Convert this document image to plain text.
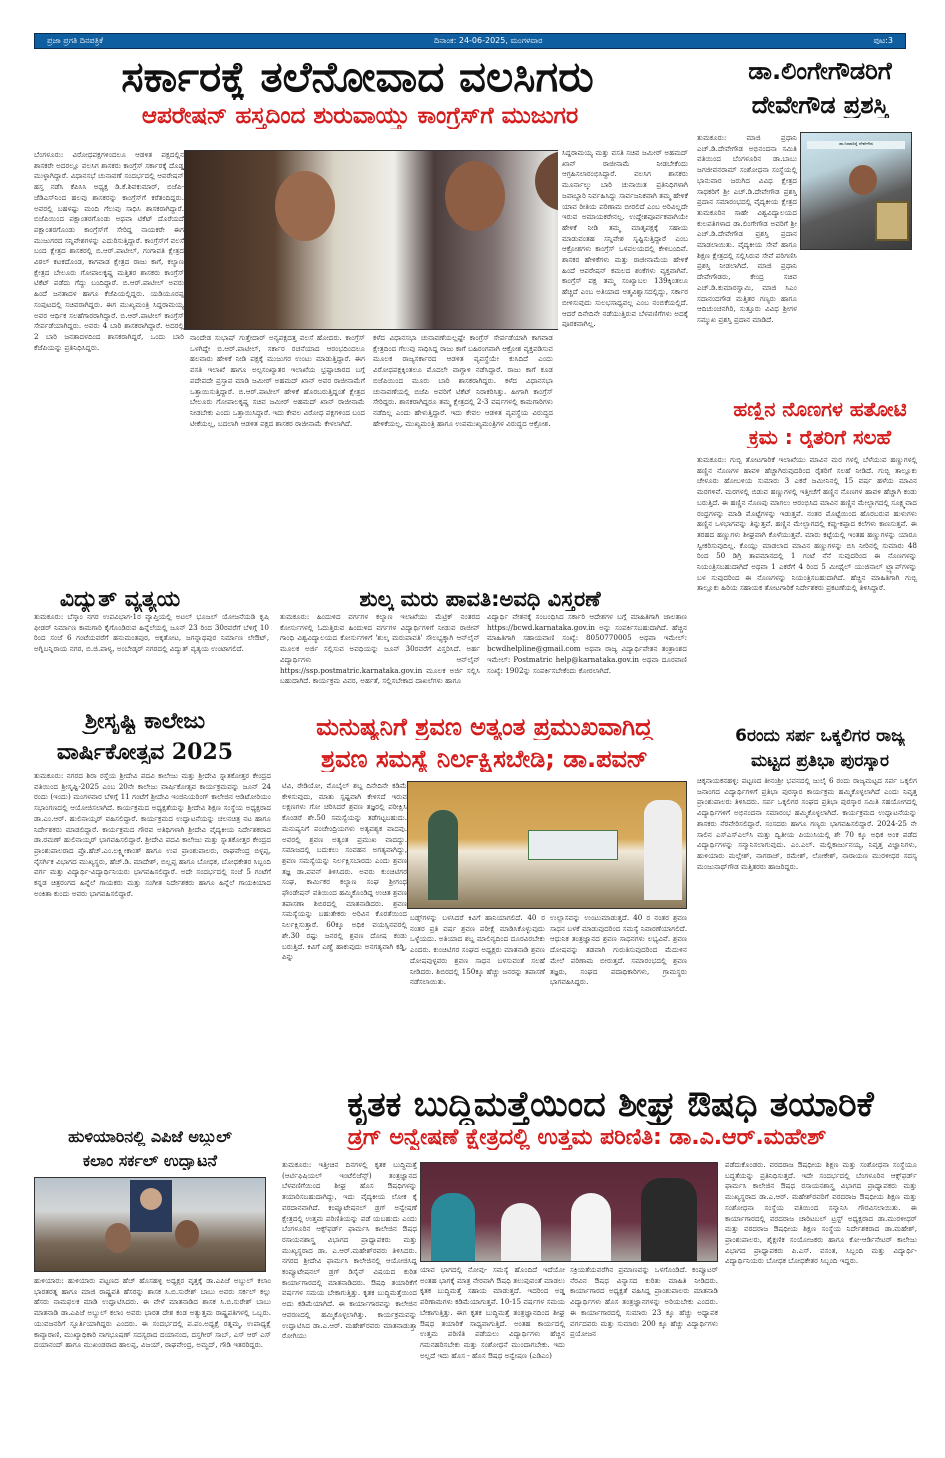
ಪ್ರಜಾ ಪ್ರಗತಿ ದಿನಪತ್ರಿಕೆ	ದಿನಾಂಕ: 24-06-2025, ಮಂಗಳವಾರ	ಪುಟ:3
ಸರ್ಕಾರಕ್ಕೆ ತಲೆನೋವಾದ ವಲಸಿಗರು
ಆಪರೇಷನ್ ಹಸ್ತದಿಂದ ಶುರುವಾಯ್ತು ಕಾಂಗ್ರೆಸ್‌ಗೆ ಮುಜುಗರ
ಬೆಂಗಳೂರು: ವಿರೋಧಪಕ್ಷಗಳಿಂದಲೂ ಆಡಳಿತ ಪಕ್ಷದಲ್ಲಿನ ಶಾಸಕರೇ ಅದರಲ್ಲೂ ವಲಸಿಗ ಶಾಸಕರು ಕಾಂಗ್ರೆಸ್ ಸರ್ಕಾರಕ್ಕೆ ದೊಡ್ಡ ಮುಳ್ಳಾಗಿದ್ದಾರೆ. ವಿಧಾನಸಭೆ ಚುನಾವಣೆ ಸಂದರ್ಭದಲ್ಲಿ ಆಪರೇಷನ್ ಹಸ್ತ ನಡೆಸಿ ಕೆಪಿಸಿಸಿ ಅಧ್ಯಕ್ಷ ಡಿ.ಕೆ.ಶಿವಕುಮಾರ್, ಬಿಜೆಪಿ-ಜೆಡಿಎಸ್‌ನಿಂದ ಹಲವು ಶಾಸಕರನ್ನು ಕಾಂಗ್ರೆಸ್‌ಗೆ ಕರೆತಂದಿದ್ದರು. ಅವರಲ್ಲಿ ಬಹಳಷ್ಟು ಮಂದಿ ಗೆಲುವು ಸಾಧಿಸಿ ಶಾಸಕರಾಗಿದ್ದಾರೆ. ಬಿಜೆಪಿಯಿಂದ ಪಕ್ಷಾಂತರಗೊಂಡು ಅಥವಾ ಟಿಕೆಟ್ ದೊರೆಯದೆ ಪಕ್ಷಾಂತರಗೊಂಡು ಕಾಂಗ್ರೆಸ್‌ಗೆ ಸೇರಿದ್ದ ನಾಯಕರೇ ಈಗ ಮುಜುಗರದ ಸನ್ನಿವೇಶಗಳನ್ನು ಎದುರಿಸುತ್ತಿದ್ದಾರೆ. ಕಾಂಗ್ರೆಸ್‌ಗೆ ವಲಸೆ ಬಂದ ಕ್ಷೇತ್ರದ ಶಾಸಕರಲ್ಲಿ ಬಿ.ಆರ್.ಪಾಟೀಲ್, ಗಂಗಾವತಿ ಕ್ಷೇತ್ರದ ವಿಠಲ್ ಕಟಕದೊಂಡ, ಕಾಗವಾಡ ಕ್ಷೇತ್ರದ ರಾಜು ಕಾಗೆ, ಕಲ್ಯಾಣ ಕ್ಷೇತ್ರದ ಬೇಲೂರು ಗೋಪಾಲಕೃಷ್ಣ ಮತ್ತಿತರ ಶಾಸಕರು ಕಾಂಗ್ರೆಸ್ ಟಿಕೆಟ್ ಪಡೆದು ಗೆದ್ದು ಬಂದಿದ್ದಾರೆ. ಬಿ.ಆರ್.ಪಾಟೀಲ್ ಅವರು ಹಿಂದೆ ಜನತಾದಳ ಹಾಗೂ ಕೆಜೆಪಿಯಲ್ಲಿದ್ದರು. ಯಡಿಯೂರಪ್ಪ ಸಂಪುಟದಲ್ಲಿ ಸಚಿವರಾಗಿದ್ದರು. ಈಗ ಮುಖ್ಯಮಂತ್ರಿ ಸಿದ್ದರಾಮಯ್ಯ ಅವರ ಆರ್ಥಿಕ ಸಲಹೆಗಾರರಾಗಿದ್ದಾರೆ. ಬಿ.ಆರ್.ಪಾಟೀಲ್ ಕಾಂಗ್ರೆಸ್ ಸೇರ್ಪಡೆಯಾಗಿದ್ದರು. ಅವರು 4 ಬಾರಿ ಶಾಸಕರಾಗಿದ್ದಾರೆ. ಅದರಲ್ಲಿ 2 ಬಾರಿ ಜನತಾದಳದಿಂದ ಶಾಸಕರಾಗಿದ್ದರೆ, ಒಂದು ಬಾರಿ ಕೆಜೆಪಿಯನ್ನು ಪ್ರತಿನಿಧಿಸಿದ್ದರು.
ಸಿದ್ದರಾಮಯ್ಯ ಮತ್ತು ವಸತಿ ಸಚಿವ ಜಮೀರ್ ಅಹಮದ್ ಖಾನ್ ರಾಜೀನಾಮೆ ನೀಡಬೇಕೆಂದು ಆಗ್ರಹಿಸಲಾರಂಭಿಸಿದ್ದಾರೆ. ವಲಸಿಗ ಶಾಸಕರು ಮೂರ್ನಾಲ್ಕು ಬಾರಿ ಚುನಾಯಿತ ಪ್ರತಿನಿಧಿಗಳಾಗಿ ಜವಾಬ್ದಾರಿ ನಿರ್ವಹಿಸಿದ್ದು ಸಾರ್ವಜನಿಕವಾಗಿ ತಮ್ಮ ಹೇಳಿಕೆ ಯಾವ ರೀತಿಯ ಪರಿಣಾಮ ಬೀರಲಿದೆ ಎಂಬ ಅರಿವಿಲ್ಲದೇ ಇರುವ ಅಮಾಯಕರೇನಲ್ಲ. ಉದ್ದೇಶಪೂರ್ವಕವಾಗಿಯೇ ಹೇಳಿಕೆ ನೀಡಿ ತಮ್ಮ ಮಾತೃಪಕ್ಷಕ್ಕೆ ಸಹಾಯ ಮಾಡುವಂತಹ ಸನ್ನಿವೇಶ ಸೃಷ್ಟಿಸುತ್ತಿದ್ದಾರೆ ಎಂಬ ಆಕ್ರೋಶಗಳು ಕಾಂಗ್ರೆಸ್ ಒಳವಲಯದಲ್ಲಿ ಕೇಳಿಬಂದಿವೆ. ಶಾಸಕರ ಹೇಳಿಕೆಗಳು ಮತ್ತು ರಾಜೀನಾಮೆಯ ಹೇಳಿಕೆ ಹಿಂದೆ ಆಪರೇಷನ್ ಕಮಲದ ಶಂಕೆಗಳು ವ್ಯಕ್ತವಾಗಿವೆ. ಕಾಂಗ್ರೆಸ್ ಪಕ್ಷ ತಮ್ಮ ಸಂಖ್ಯಾಬಲ 139ಕ್ಕಿಂತಲೂ ಹೆಚ್ಚಿದೆ ಎಂಬ ಅತಿಯಾದ ಆತ್ಮವಿಶ್ವಾಸದಲ್ಲಿದ್ದು, ಸರ್ಕಾರ ಬೀಳಿಸುವುದು ಸುಲಭಸಾಧ್ಯವಲ್ಲ ಎಂಬ ನಂಬಿಕೆಯಲ್ಲಿದೆ. ಆದರೆ ದಿನೇದಿನೇ ನಡೆಯುತ್ತಿರುವ ಬೆಳವಣಿಗೆಗಳು ಅದಕ್ಕೆ ಪೂರಕವಾಗಿಲ್ಲ.
ನಾಂದೇಡ ಸುಭಾಷ್ ಗುತ್ತೇದಾರ್ ಅನ್ಯಪಕ್ಷದತ್ತ ವಲಸೆ ಹೋದರು. ಕಾಂಗ್ರೆಸ್ ಒಳಗಿದ್ದೇ ಬಿ.ಆರ್.ಪಾಟೀಲ್, ಸರ್ಕಾರ ರಚನೆಯಾದ ಆರಂಭದಿಂದಲೂ ಹಲವಾರು ಹೇಳಿಕೆ ನೀಡಿ ಪಕ್ಷಕ್ಕೆ ಮುಜುಗರ ಉಂಟು ಮಾಡುತ್ತಿದ್ದಾರೆ. ಈಗ ವಸತಿ ಇಲಾಖೆ ಹಾಗೂ ಅಲ್ಪಸಂಖ್ಯಾತರ ಇಲಾಖೆಯ ಭ್ರಷ್ಟಾಚಾರದ ಬಗ್ಗೆ ಪದೇಪದೇ ಪ್ರಸ್ತಾಪ ಮಾಡಿ ಜಮೀರ್ ಅಹಮದ್ ಖಾನ್ ಅವರ ರಾಜೀನಾಮೆಗೆ ಒತ್ತಾಯಿಸುತ್ತಿದ್ದಾರೆ. ಬಿ.ಆರ್.ಪಾಟೀಲ್ ಹೇಳಿಕೆ ಹೊರಬರುತ್ತಿದ್ದಂತೆ ಕ್ಷೇತ್ರದ ಬೇಲೂರು ಗೋಪಾಲಕೃಷ್ಣ ಸಚಿವ ಜಮೀರ್ ಅಹಮದ್ ಖಾನ್ ರಾಜೀನಾಮೆ ನೀಡಬೇಕು ಎಂದು ಒತ್ತಾಯಿಸಿದ್ದಾರೆ. ಇದು ಕೇವಲ ವಿರೋಧ ಪಕ್ಷಗಳಿಂದ ಬಂದ ಟೀಕೆಯಲ್ಲ, ಬದಲಾಗಿ ಆಡಳಿತ ಪಕ್ಷದ ಶಾಸಕರ ರಾಜೀನಾಮೆ ಕೇಳಲಾಗಿದೆ.
ಕಳೆದ ವಿಧಾನಸಭಾ ಚುನಾವಣೆಯಲ್ಲಷ್ಟೇ ಕಾಂಗ್ರೆಸ್ ಸೇರ್ಪಡೆಯಾಗಿ ಕಾಗವಾಡ ಕ್ಷೇತ್ರದಿಂದ ಗೆಲುವು ಸಾಧಿಸಿದ್ದ ರಾಜು ಕಾಗೆ ಬಹಿರಂಗವಾಗಿ ಆಕ್ರೋಶ ವ್ಯಕ್ತಪಡಿಸುವ ಮೂಲಕ ರಾಜ್ಯಸರ್ಕಾರದ ಆಡಳಿತ ವ್ಯವಸ್ಥೆಯೇ ಕುಸಿದಿದೆ ಎಂದು ವಿರೋಧಪಕ್ಷಕ್ಕಿಂತಲೂ ಮೊದಲೇ ವಾಗ್ದಾಳಿ ನಡೆಸಿದ್ದಾರೆ. ರಾಜು ಕಾಗೆ ಕೂಡ ಬಿಜೆಪಿಯಿಂದ ಮೂರು ಬಾರಿ ಶಾಸಕರಾಗಿದ್ದರು. ಕಳೆದ ವಿಧಾನಸಭಾ ಚುನಾವಣೆಯಲ್ಲಿ ಬಿಜೆಪಿ ಅವರಿಗೆ ಟಿಕೆಟ್ ನಿರಾಕರಿಸಿತ್ತು. ಹೀಗಾಗಿ ಕಾಂಗ್ರೆಸ್ ಸೇರಿದ್ದರು. ಶಾಸಕರಾಗಿದ್ದರೂ ತಮ್ಮ ಕ್ಷೇತ್ರದಲ್ಲಿ 2-3 ವರ್ಷಗಳಲ್ಲಿ ಕಾಮಗಾರಿಗಳು ನಡೆದಿಲ್ಲ ಎಂದು ಹೇಳುತ್ತಿದ್ದಾರೆ. ಇದು ಕೇವಲ ಆಡಳಿತ ವ್ಯವಸ್ಥೆಯ ವಿರುದ್ಧದ ಹೇಳಿಕೆಯಲ್ಲ, ಮುಖ್ಯಮಂತ್ರಿ ಹಾಗೂ ಉಪಮುಖ್ಯಮಂತ್ರಿಗಳ ವಿರುದ್ಧದ ಆಕ್ರೋಶ.
ಡಾ.ಲಿಂಗೇಗೌಡರಿಗೆ
ದೇವೇಗೌಡ ಪ್ರಶಸ್ತಿ
ತುಮಕೂರು: ಮಾಜಿ ಪ್ರಧಾನಿ ಎಚ್.ಡಿ.ದೇವೇಗೌಡ ಅಭಿನಂದನಾ ಸಮಿತಿ ವತಿಯಿಂದ ಬೆಂಗಳೂರಿನ ಡಾ.ಬಾಬು ಜಗಜೀವನರಾಮ್ ಸಂಶೋಧನಾ ಸಂಸ್ಥೆಯಲ್ಲಿ ಭಾನುವಾರ ಜರುಗಿದ ವಿವಿಧ ಕ್ಷೇತ್ರದ ಸಾಧಕರಿಗೆ ಶ್ರೀ ಎಚ್.ಡಿ.ದೇವೇಗೌಡ ಪ್ರಶಸ್ತಿ ಪ್ರದಾನ ಸಮಾರಂಭದಲ್ಲಿ ವೈದ್ಯಕೀಯ ಕ್ಷೇತ್ರದ ತುಮಕೂರಿನ ಸಾಹೇ ವಿಶ್ವವಿದ್ಯಾಲಯದ ಕುಲಪತಿಗಳಾದ ಡಾ.ಲಿಂಗೇಗೌಡ ಅವರಿಗೆ ಶ್ರೀ ಎಚ್.ಡಿ.ದೇವೇಗೌಡ ಪ್ರಶಸ್ತಿ ಪ್ರದಾನ ಮಾಡಲಾಯಿತು. ವೈದ್ಯಕೀಯ ಸೇವೆ ಹಾಗೂ ಶಿಕ್ಷಣ ಕ್ಷೇತ್ರದಲ್ಲಿ ಸಲ್ಲಿಸಿರುವ ಸೇವೆ ಪರಿಗಣಿಸಿ ಪ್ರಶಸ್ತಿ ನೀಡಲಾಗಿದೆ. ಮಾಜಿ ಪ್ರಧಾನಿ ದೇವೇಗೌಡರು, ಕೇಂದ್ರ ಸಚಿವ ಎಚ್.ಡಿ.ಕುಮಾರಸ್ವಾಮಿ, ಮಾಜಿ ಸಿಎಂ ಸದಾನಂದಗೌಡ ಮತ್ತಿತರ ಗಣ್ಯರು ಹಾಗೂ ಆದಿಚುಂಚನಗಿರಿ, ಸುತ್ತೂರು ವಿವಿಧ ಶ್ರೀಗಳ ಸಮ್ಮುಖ ಪ್ರಶಸ್ತಿ ಪ್ರದಾನ ಮಾಡಿದೆ.
ಡಾ.ನಿರಾವರಿಸ್ನೆ ದೇವೇಗೌಡ
ಹಣ್ಣಿನ ನೊಣಗಳ ಹತೋಟಿ
ಕ್ರಮ : ರೈತರಿಗೆ ಸಲಹೆ
ತುಮಕೂರು: ಗುಬ್ಬಿ ತೋಟಗಾರಿಕೆ ಇಲಾಖೆಯು ಮಾವಿನ ಮರ ಗಳಲ್ಲಿ ಬೆಳೆಯುವ ಹಣ್ಣುಗಳಲ್ಲಿ ಹಣ್ಣಿನ ನೊಣಗಳ ಹಾವಳಿ ಹೆಚ್ಚಾಗಿರುವುದರಿಂದ ರೈತರಿಗೆ ಸಲಹೆ ನೀಡಿದೆ. ಗುಬ್ಬಿ ತಾಲ್ಲೂಕು ಚೇಳೂರು ಹೋಬಳಿಯ ಸುಮಾರು 3 ಎಕರೆ ಜಮೀನಿನಲ್ಲಿ 15 ವರ್ಷ ಹಳೆಯ ಮಾವಿನ ಮರಗಳಿವೆ. ಮರಗಳಲ್ಲಿ ಬಿಡುವ ಹಣ್ಣುಗಳಲ್ಲಿ ಇತ್ತೀಚೆಗೆ ಹಣ್ಣಿನ ನೊಣಗಳ ಹಾವಳಿ ಹೆಚ್ಚಾಗಿ ಕಂಡು ಬರುತ್ತಿದೆ. ಈ ಹಣ್ಣಿನ ನೊಣವು ಮಾಗಲು ಆರಂಭಿಸಿದ ಮಾವಿನ ಹಣ್ಣಿನ ಮೇಲ್ಭಾಗದಲ್ಲಿ ಸೂಕ್ಷ್ಮವಾದ ರಂಧ್ರಗಳನ್ನು ಮಾಡಿ ಮೊಟ್ಟೆಗಳನ್ನು ಇಡುತ್ತವೆ. ನಂತರ ಮೊಟ್ಟೆಯಿಂದ ಹೊರಬರುವ ಹುಳುಗಳು ಹಣ್ಣಿನ ಒಳಭಾಗವನ್ನು ತಿನ್ನುತ್ತವೆ. ಹಣ್ಣಿನ ಮೇಲ್ಭಾಗದಲ್ಲಿ ಕಪ್ಪು-ಕಪ್ಪಾದ ಕಲೆಗಳು ಕಾಣಸುತ್ತವೆ. ಈ ತರಹದ ಹಣ್ಣುಗಳು ಶೀಘ್ರವಾಗಿ ಕೊಳೆಯುತ್ತವೆ. ಮಾರು ಕಟ್ಟೆಯಲ್ಲಿ ಇಂತಹ ಹಣ್ಣುಗಳನ್ನು ಯಾರೂ ಸ್ವೀಕರಿಸುವುದಿಲ್ಲ. ಕೊಯ್ಲು ಮಾಡಲಾದ ಮಾವಿನ ಹಣ್ಣುಗಳನ್ನು ಬಿಸಿ ನೀರಿನಲ್ಲಿ ಸುಮಾರು 48 ರಿಂದ 50 ಡಿಗ್ರಿ ತಾಪಮಾನದಲ್ಲಿ 1 ಗಂಟೆ ನೆನೆ ಸುವುದರಿಂದ ಈ ನೊಣಗಳನ್ನು ನಿಯಂತ್ರಿಸಬಹುದಾಗಿದೆ ಅಥವಾ 1 ಎಕರೆಗೆ 4 ರಿಂದ 5 ಮೀಥೈಲ್ ಯುಜಿನಾಲ್ ಟ್ರ್ಯಾಪ್‌ಗಳನ್ನು ಬಳ ಸುವುದರಿಂದ ಈ ನೊಣಗಳನ್ನು ನಿಯಂತ್ರಿಸಬಹುದಾಗಿದೆ. ಹೆಚ್ಚಿನ ಮಾಹಿತಿಗಾಗಿ ಗುಬ್ಬಿ ತಾಲ್ಲೂಕು ಹಿರಿಯ ಸಹಾಯಕ ತೋಟಗಾರಿಕೆ ನಿರ್ದೇಶಕರು ಪ್ರಕಟಣೆಯಲ್ಲಿ ತಿಳಿಸಿದ್ದಾರೆ.
ವಿದ್ಯುತ್ ವ್ಯತ್ಯಯ
ತುಮಕೂರು: ಬೆಸ್ಕಾಂ ನಗರ ಉಪವಿಭಾಗ-1ರ ವ್ಯಾಪ್ತಿಯಲ್ಲಿ ಅಟಲ್ ಭೂಜಲ್ ಯೋಜನೆಯಡಿ ಕೃಷಿ ಫೀಡರ್ ನಿರ್ಮಾಣ ಕಾಮಗಾರಿ ಕೈಗೊಂಡಿರುವ ಹಿನ್ನೆಲೆಯಲ್ಲಿ ಜೂನ್ 23 ರಿಂದ 30ರವರೆಗೆ ಬೆಳಿಗ್ಗೆ 10 ರಿಂದ ಸಂಜೆ 6 ಗಂಟೆಯವರೆಗೆ ಹನುಮಂತಪುರ, ಅಕ್ಕತೋಟ, ಜಗನ್ನಾಥಪುರ ನಿರ್ಮಾಣ ಲೇಔಟ್, ಅಗ್ನಿಬನ್ನಿರಾಯ ನಗರ, ಬಿ.ಜಿ.ಪಾಳ್ಯ, ಅಂಬೇಡ್ಕರ್ ನಗರದಲ್ಲಿ ವಿದ್ಯುತ್ ವ್ಯತ್ಯಯ ಉಂಟಾಗಲಿದೆ.
ಶುಲ್ಕ ಮರು ಪಾವತಿ:ಅವಧಿ ವಿಸ್ತರಣೆ
ತುಮಕೂರು: ಹಿಂದುಳಿದ ವರ್ಗಗಳ ಕಲ್ಯಾಣ ಇಲಾಖೆಯು ಮೆಟ್ರಿಕ್ ನಂತರದ ಕೋರ್ಸುಗಳಲ್ಲಿ ಓದುತ್ತಿರುವ ಹಿಂದುಳಿದ ವರ್ಗಗಳ ವಿದ್ಯಾರ್ಥಿಗಳಿಗೆ ನೀಡುವ ರಾಜೀವ್ ಗಾಂಧಿ ವಿಶ್ವವಿದ್ಯಾಲಯದ ಕೋರ್ಸುಗಳಿಗೆ 'ಶುಲ್ಕ ಮರುಪಾವತಿ' ಸೌಲಭ್ಯಕ್ಕಾಗಿ ಆನ್‌ಲೈನ್ ಮೂಲಕ ಅರ್ಜಿ ಸಲ್ಲಿಸುವ ಅವಧಿಯನ್ನು ಜೂನ್ 30ರವರೆಗೆ ವಿಸ್ತರಿಸಿದೆ. ಅರ್ಹ ವಿದ್ಯಾರ್ಥಿಗಳು ಆನ್‌ಲೈನ್ https://ssp.postmatric.karnataka.gov.in ಮೂಲಕ ಅರ್ಜಿ ಸಲ್ಲಿಸಿ ಬಹುದಾಗಿದೆ. ಕಾರ್ಯಕ್ರಮ ವಿವರ, ಅರ್ಹತೆ, ಸಲ್ಲಿಸಬೇಕಾದ ದಾಖಲೆಗಳು ಹಾಗೂ
ವಿದ್ಯಾರ್ಥಿ ವೇತನಕ್ಕೆ ಸಂಬಂಧಿಸಿದ ಸರ್ಕಾರಿ ಆದೇಶಗಳ ಬಗ್ಗೆ ಮಾಹಿತಿಗಾಗಿ ಜಾಲತಾಣ https://bcwd.karnataka.gov.in ಅನ್ನು ಸಂಪರ್ಕಿಸಬಹುದಾಗಿದೆ. ಹೆಚ್ಚಿನ ಮಾಹಿತಿಗಾಗಿ ಸಹಾಯವಾಣಿ ಸಂಖ್ಯೆ: 8050770005 ಅಥವಾ ಇಮೇಲ್: bcwdhelpline@gmail.com ಅಥವಾ ರಾಜ್ಯ ವಿದ್ಯಾರ್ಥಿವೇತನ ತಂತ್ರಾಂಶದ ಇಮೇಲ್: Postmatric help@karnataka.gov.in ಅಥವಾ ದೂರವಾಣಿ ಸಂಖ್ಯೆ: 1902ನ್ನು ಸಂಪರ್ಕಿಸಬೇಕೆಂದು ಕೋರಲಾಗಿದೆ.
ಶ್ರೀಸೃಷ್ಟಿ ಕಾಲೇಜು
ವಾರ್ಷಿಕೋತ್ಸವ 2025
ತುಮಕೂರು: ನಗರದ ಶಿರಾ ರಸ್ತೆಯ ಶ್ರೀದೇವಿ ಪದವಿ ಕಾಲೇಜು ಮತ್ತು ಶ್ರೀದೇವಿ ಸ್ನಾತಕೋತ್ತರ ಕೇಂದ್ರದ ವತಿಯಿಂದ ಶ್ರೀಸೃಷ್ಟಿ-2025 ಎಂಬ 20ನೇ ಕಾಲೇಜು ವಾರ್ಷಿಕೋತ್ಸವ ಕಾರ್ಯಕ್ರಮವನ್ನು ಜೂನ್ 24 ರಂದು (ಇಂದು) ಮಂಗಳವಾರ ಬೆಳಿಗ್ಗೆ 11 ಗಂಟೆಗೆ ಶ್ರೀದೇವಿ ಇಂಜಿನಿಯರಿಂಗ್ ಕಾಲೇಜಿನ ಆಡಿಟೋರಿಯಂ ಸಭಾಂಗಣದಲ್ಲಿ ಆಯೋಜಿಸಲಾಗಿದೆ. ಕಾರ್ಯಕ್ರಮದ ಅಧ್ಯಕ್ಷತೆಯನ್ನು ಶ್ರೀದೇವಿ ಶಿಕ್ಷಣ ಸಂಸ್ಥೆಯ ಅಧ್ಯಕ್ಷರಾದ ಡಾ.ಎಂ.ಆರ್. ಹುಲಿನಾಯ್ಕರ್ ವಹಿಸಲಿದ್ದಾರೆ. ಕಾರ್ಯಕ್ರಮದ ಉದ್ಘಾಟನೆಯನ್ನು ಚಲನಚಿತ್ರ ನಟ ಹಾಗೂ ನಿರ್ದೇಶಕರು ಮಾಡಲಿದ್ದಾರೆ. ಕಾರ್ಯಕ್ರಮದ ಗೌರವ ಅತಿಥಿಗಳಾಗಿ ಶ್ರೀದೇವಿ ವೈದ್ಯಕೀಯ ನಿರ್ದೇಶಕರಾದ ಡಾ.ರಮಣ್ ಹುಲಿನಾಯ್ಕರ್ ಭಾಗವಹಿಸಲಿದ್ದಾರೆ. ಶ್ರೀದೇವಿ ಪದವಿ ಕಾಲೇಜು ಮತ್ತು ಸ್ನಾತಕೋತ್ತರ ಕೇಂದ್ರದ ಪ್ರಾಂಶುಪಾಲರಾದ ಪ್ರೊ.ಹೆಚ್.ಎಂ.ಲಕ್ಷ್ಮೀಕಾಂತ್ ಹಾಗೂ ಉಪ ಪ್ರಾಂಶುಪಾಲರು, ರಾಘವೇಂದ್ರ ಬಿಳ್ಳಪ್ಪ, ನೈಸರ್ಗಿಕ ವಿಭಾಗದ ಮುಖ್ಯಸ್ಥರು, ಹೆಚ್.ಡಿ. ಮಾದೇಶ್, ಬಿಲ್ಲಪ್ಪ ಹಾಗೂ ಬೋಧಕ, ಬೋಧಕೇತರ ಸಿಬ್ಬಂದಿ ವರ್ಗ ಮತ್ತು ವಿದ್ಯಾರ್ಥಿ-ವಿದ್ಯಾರ್ಥಿನಿಯರು ಭಾಗವಹಿಸಲಿದ್ದಾರೆ. ಅದೇ ಸಂದರ್ಭದಲ್ಲಿ ಸಂಜೆ 5 ಗಂಟೆಗೆ ಕನ್ನಡ ಚಿತ್ರರಂಗದ ಹಿನ್ನೆಲೆ ಗಾಯಕರು ಮತ್ತು ಸಂಗೀತ ನಿರ್ದೇಶಕರು ಹಾಗೂ ಹಿನ್ನೆಲೆ ಗಾಯಕಿಯಾದ ಅಂಕಿತಾ ಕುಂದು ಅವರು ಭಾಗವಹಿಸಲಿದ್ದಾರೆ.
ಮನುಷ್ಯನಿಗೆ ಶ್ರವಣ ಅತ್ಯಂತ ಪ್ರಮುಖವಾಗಿದ್ದ
ಶ್ರವಣ ಸಮಸ್ಯೆ ನಿರ್ಲಕ್ಷಿಸಬೇಡಿ; ಡಾ.ಪವನ್
ಟಿವಿ, ರೇಡಿಯೋ, ಮೊಬೈಲ್ ಶಬ್ದ ದಿನೇದಿನೇ ಕಡಿಮೆ ಕೇಳಿಸುವುದು, ಮಾತು ಸ್ಪಷ್ಟವಾಗಿ ಕೇಳಿಸದೆ ಇರುವ ಲಕ್ಷಣಗಳು ಗೋ ಚರಿಸಿದರೆ ಶ್ರವಣ ತಜ್ಞರಲ್ಲಿ ಪರೀಕ್ಷಿಸಿ ಕೊಂಡರೆ ಶೇ.50 ಸಮಸ್ಯೆಯನ್ನು ತಡೆಗಟ್ಟಬಹುದು. ಮನುಷ್ಯನಿಗೆ ಪಂಚೇಂದ್ರಿಯಗಳು ಅತ್ಯವಶ್ಯಕ ವಾದವು. ಅವರಲ್ಲಿ ಶ್ರವಣ ಅತ್ಯಂತ ಪ್ರಮುಖ ವಾದದ್ದು. ಸಮಾಜದಲ್ಲಿ ಬದುಕಲು ಸಂವಹನ ಅಗತ್ಯವಾಗಿದ್ದು, ಶ್ರವಣ ಸಮಸ್ಯೆಯನ್ನು ನಿರ್ಲಕ್ಷಿಸಬಾರದು ಎಂದು ಶ್ರವಣ ತಜ್ಞ ಡಾ.ಪವನ್ ತಿಳಿಸಿದರು. ಅವರು ಕುಂಚಿಟಿಗರ ಸಂಘ, ಕಾರ್ಮಿಕರ ಕಲ್ಯಾಣ ಸಂಘ ಶ್ರೀಗಂಧ ಫೌಂಡೇಷನ್ ವತಿಯಿಂದ ಹಮ್ಮಿಕೊಂಡಿದ್ದ ಉಚಿತ ಶ್ರವಣ ತಪಾಸಣಾ ಶಿಬಿರದಲ್ಲಿ ಮಾತನಾಡಿದರು. ಶ್ರವಣ ಸಮಸ್ಯೆಯನ್ನು ಬಹುತೇಕರು ಅರಿವಿನ ಕೊರತೆಯಿಂದ ನಿರ್ಲಕ್ಷಿಸುತ್ತಾರೆ. 60ಕ್ಕೂ ಅಧಿಕ ವಯಸ್ಸಿನವರಲ್ಲಿ ಶೇ.30 ರಷ್ಟು ಜನರಲ್ಲಿ ಶ್ರವಣ ದೋಷ ಕಂಡು ಬರುತ್ತಿದೆ. ಕಿವಿಗೆ ಎಣ್ಣೆ ಹಾಕುವುದು ಅನಗತ್ಯವಾಗಿ ಕಡ್ಡಿ, ಪಿನ್ನು
ಬಡ್ಸ್‌ಗಳನ್ನು ಬಳಸಿದರೆ ಕಿವಿಗೆ ಹಾನಿಯಾಗಲಿದೆ. 40 ರ ನಂತರ ಪ್ರತಿ ವರ್ಷ ಶ್ರವಣ ಪರೀಕ್ಷೆ ಮಾಡಿಸಿಕೊಳ್ಳುವುದು ಒಳ್ಳೆಯದು. ಅತಿಯಾದ ಶಬ್ದ ಮಾಲಿನ್ಯದಿಂದ ದೂರವಿರಬೇಕು ಎಂದರು. ಕುಂಚಿಟಿಗರ ಸಂಘದ ಅಧ್ಯಕ್ಷರು ಮಾತನಾಡಿ ಶ್ರವಣ ದೋಷವುಳ್ಳವರು ಶ್ರವಣ ಸಾಧನ ಬಳಸುವಂತೆ ಸಲಹೆ ನೀಡಿದರು. ಶಿಬಿರದಲ್ಲಿ 150ಕ್ಕೂ ಹೆಚ್ಚು ಜನರನ್ನು ತಪಾಸಣೆ ನಡೆಸಲಾಯಿತು.
ಉಲ್ಲಾಸವನ್ನು ಉಂಟುಮಾಡುತ್ತದೆ. 40 ರ ನಂತರ ಶ್ರವಣ ಸಾಧನ ಬಳಕೆ ಮಾಡುವುದರಿಂದ ಸಮಸ್ಯೆ ನಿವಾರಣೆಯಾಗಲಿದೆ. ಆಧುನಿಕ ತಂತ್ರಜ್ಞಾನದ ಶ್ರವಣ ಸಾಧನಗಳು ಲಭ್ಯವಿವೆ. ಶ್ರವಣ ದೋಷವನ್ನು ತಡವಾಗಿ ಗುರುತಿಸುವುದರಿಂದ ಮೆದುಳಿನ ಮೇಲೆ ಪರಿಣಾಮ ಬೀರುತ್ತದೆ. ಸಮಾರಂಭದಲ್ಲಿ ಶ್ರವಣ ತಜ್ಞರು, ಸಂಘದ ಪದಾಧಿಕಾರಿಗಳು, ಗ್ರಾಮಸ್ಥರು ಭಾಗವಹಿಸಿದ್ದರು.
6ರಂದು ಸರ್ಪ ಒಕ್ಕಲಿಗರ ರಾಜ್ಯ
ಮಟ್ಟದ ಪ್ರತಿಭಾ ಪುರಸ್ಕಾರ
ಚಿಕ್ಕನಾಯಕನಹಳ್ಳಿ: ಪಟ್ಟಣದ ತೀನಂಶ್ರೀ ಭವನದಲ್ಲಿ ಜುಲೈ 6 ರಂದು ರಾಜ್ಯಮಟ್ಟದ ಸರ್ಪ ಒಕ್ಕಲಿಗ ಜನಾಂಗದ ವಿದ್ಯಾರ್ಥಿಗಳಿಗೆ ಪ್ರತಿಭಾ ಪುರಸ್ಕಾರ ಕಾರ್ಯಕ್ರಮ ಹಮ್ಮಿಕೊಳ್ಳಲಾಗಿದೆ ಎಂದು ನಿವೃತ್ತ ಪ್ರಾಂಶುಪಾಲರು ತಿಳಿಸಿದರು. ಸರ್ಪ ಒಕ್ಕಲಿಗರ ಸಂಘದ ಪ್ರತಿಭಾ ಪುರಸ್ಕಾರ ಸಮಿತಿ ಸಹಯೋಗದಲ್ಲಿ ವಿದ್ಯಾರ್ಥಿಗಳಿಗೆ ಅಭಿನಂದನಾ ಸಮಾರಂಭ ಹಮ್ಮಿಕೊಳ್ಳಲಾಗಿದೆ. ಕಾರ್ಯಕ್ರಮದ ಉದ್ಘಾಟನೆಯನ್ನು ಶಾಸಕರು ನೆರವೇರಿಸಲಿದ್ದಾರೆ. ಸಂಸದರು ಹಾಗೂ ಗಣ್ಯರು ಭಾಗವಹಿಸಲಿದ್ದಾರೆ. 2024-25 ನೇ ಸಾಲಿನ ಎಸ್‌ಎಸ್‌ಎಲ್‌ಸಿ ಮತ್ತು ದ್ವಿತೀಯ ಪಿಯುಸಿಯಲ್ಲಿ ಶೇ 70 ಕ್ಕೂ ಅಧಿಕ ಅಂಕ ಪಡೆದ ವಿದ್ಯಾರ್ಥಿಗಳನ್ನು ಸನ್ಮಾನಿಸಲಾಗುವುದು. ಎಂ.ಎಲ್. ಮಲ್ಲಿಕಾರ್ಜುನಯ್ಯ, ನಿವೃತ್ತ ವಿಜ್ಞಾನಿಗಳು, ಹುಳಿಯಾರು ಮಲ್ಲೇಶ್, ನಾಗರಾಜ್, ರಮೇಶ್, ಲೋಕೇಶ್, ನಾರಾಯಣ ಮುರಳೀಧರ ಸದಸ್ಯ ಮಂಜುನಾಥ್‌ಗೌಡ ಮತ್ತಿತರರು ಹಾಜರಿದ್ದರು.
ಹುಳಿಯಾರಿನಲ್ಲಿ ಎಪಿಜೆ ಅಬ್ದುಲ್
ಕಲಾಂ ಸರ್ಕಲ್ ಉದ್ಘಾಟನೆ
ಹುಳಿಯಾರು: ಹುಳಿಯಾರು ಪಟ್ಟಣದ ಹೆಚ್ ಹೊಸಹಳ್ಳಿ ಅಧ್ಯಕ್ಷರ ವೃತ್ತಕ್ಕೆ ಡಾ.ಎಪಿಜೆ ಅಬ್ದುಲ್ ಕಲಾಂ ಭಾರತರತ್ನ ಹಾಗೂ ಮಾಜಿ ರಾಷ್ಟ್ರಪತಿ ಹೆಸರನ್ನು ಶಾಸಕ ಸಿ.ಬಿ.ಸುರೇಶ್ ಬಾಬು ಅವರು ಸರ್ಕಲ್ ಕಲ್ಲು ಹೆಸರು ನಾಮಫಲಕ ಮಾಡಿ ಉದ್ಘಾಟಿಸಿದರು. ಈ ವೇಳೆ ಮಾತನಾಡಿದ ಶಾಸಕ ಸಿ.ಬಿ.ಸುರೇಶ್ ಬಾಬು ಮಾತನಾಡಿ ಡಾ.ಎಪಿಜೆ ಅಬ್ದುಲ್ ಕಲಾಂ ಅವರು ಭಾರತ ದೇಶ ಕಂಡ ಅತ್ಯುತ್ತಮ ರಾಷ್ಟ್ರಪತಿಗಳಲ್ಲಿ ಒಬ್ಬರು. ಯುವಜನರಿಗೆ ಸ್ಫೂರ್ತಿಯಾಗಿದ್ದರು ಎಂದರು. ಈ ಸಂದರ್ಭದಲ್ಲಿ ಪ.ಪಂ.ಅಧ್ಯಕ್ಷೆ ರತ್ನಮ್ಮ, ಉಪಾಧ್ಯಕ್ಷೆ ಕಾವ್ಯಾರಾಣಿ, ಮುಖ್ಯಾಧಿಕಾರಿ ನಾಗಭೂಷಣ್ ಸದಸ್ಯರಾದ ದಯಾನಂದ, ದಸ್ತಗೀರ್ ಸಾಬ್, ಎಸ್ ಆರ್ ಎಸ್ ದಯಾನಂದ್ ಹಾಗೂ ಮುಖಂಡರಾದ ಹಾಲಪ್ಪ, ವಿಜಯ್, ರಾಘವೇಂದ್ರ, ಅಮ್ಜದ್, ಗೌಡಿ ಇತರರಿದ್ದರು.
ಕೃತಕ ಬುದ್ಧಿಮತ್ತೆಯಿಂದ ಶೀಘ್ರ ಔಷಧಿ ತಯಾರಿಕೆ
ಡ್ರಗ್ ಅನ್ವೇಷಣೆ ಕ್ಷೇತ್ರದಲ್ಲಿ ಉತ್ತಮ ಪರಿಣಿತಿ: ಡಾ.ಎ.ಆರ್.ಮಹೇಶ್
ತುಮಕೂರು: ಇತ್ತೀಚಿನ ದಿನಗಳಲ್ಲಿ ಕೃತಕ ಬುದ್ಧಿಮತ್ತೆ (ಆರ್ಟಿಫಿಷಿಯಲ್ ಇಂಟೆಲಿಜೆನ್ಸ್) ತಂತ್ರಜ್ಞಾನದ ಬೆಳವಣಿಗೆಯಿಂದ ಶೀಘ್ರ ಹೊಸ ಔಷಧಿಗಳನ್ನು ತಯಾರಿಸಬಹುದಾಗಿದ್ದು, ಇದು ವೈದ್ಯಕೀಯ ಲೋಕ ಕ್ಕೆ ವರದಾನವಾಗಿದೆ. ಕಂಪ್ಯೂಟೇಷನಲ್ ಡ್ರಗ್ ಅನ್ವೇಷಣೆ ಕ್ಷೇತ್ರದಲ್ಲಿ ಉತ್ತಮ ಪರಿಣಿತಿಯನ್ನು ಪಡೆ ಯಬಹುದು ಎಂದು ಬೆಂಗಳೂರಿನ ಆಕ್ಸ್‌ಫರ್ಡ್ ಫಾರ್ಮಸಿ ಕಾಲೇಜಿನ ಔಷಧ ರಸಾಯನಶಾಸ್ತ್ರ ವಿಭಾಗದ ಪ್ರಾಧ್ಯಾಪಕರು ಮತ್ತು ಮುಖ್ಯಸ್ಥರಾದ ಡಾ. ಎ.ಆರ್.ಮಹೇಶ್‌ರವರು ತಿಳಿಸಿದರು. ನಗರದ ಶ್ರೀದೇವಿ ಫಾರ್ಮಸಿ ಕಾಲೇಜಿನಲ್ಲಿ ಆಯೋಜಿಸಿದ್ದ ಕಂಪ್ಯೂಟೇಷನಲ್ ಡ್ರಗ್ ಡಿಸೈನ್ ವಿಷಯದ ಕುರಿತ ಕಾರ್ಯಾಗಾರದಲ್ಲಿ ಮಾತನಾಡಿದರು. ಔಷಧಿ ತಯಾರಿಕೆಗೆ ವರ್ಷಗಳ ಸಮಯ ಬೇಕಾಗುತ್ತಿತ್ತು. ಕೃತಕ ಬುದ್ಧಿಮತ್ತೆಯಿಂದ ಅದು ಕಡಿಮೆಯಾಗಿದೆ. ಈ ಕಾರ್ಯಾಗಾರವನ್ನು ಕಾಲೇಜಿನ ಆವರಣದಲ್ಲಿ ಹಮ್ಮಿಕೊಳ್ಳಲಾಗಿತ್ತು. ಕಾರ್ಯಕ್ರಮವನ್ನು ಉದ್ಘಾಟಿಸಿದ ಡಾ.ಎ.ಆರ್. ಮಹೇಶ್‌ರವರು ಮಾತನಾಡುತ್ತಾ ರೋಗಿಯು
ಯಾವ ಭಾಗದಲ್ಲಿ ನೋವು- ಸಮಸ್ಯೆ ಹೊಂದಿದೆ ಇದೆಯೋ ಅಂತಹ ಭಾಗಕ್ಕೆ ಮಾತ್ರ ನೇರವಾಗಿ ಔಷಧಿ ತಲುಪುವಂತೆ ಮಾಡಲು ಕೃತಕ ಬುದ್ಧಿಮತ್ತೆ ಸಹಾಯ ಮಾಡುತ್ತದೆ. ಇದರಿಂದ ಅಡ್ಡ ಪರಿಣಾಮಗಳು ಕಡಿಮೆಯಾಗುತ್ತವೆ. 10-15 ವರ್ಷಗಳ ಸಮಯ ಬೇಕಾಗುತ್ತಿತ್ತು. ಈಗ ಕೃತಕ ಬುದ್ಧಿಮತ್ತೆ ತಂತ್ರಜ್ಞಾನದಿಂದ ಶೀಘ್ರ ಔಷಧ ತಯಾರಿಕೆ ಸಾಧ್ಯವಾಗುತ್ತಿದೆ. ಅಂತಹ ಕಾರ್ಯದಲ್ಲಿ ಉತ್ತಮ ಪರಿಣಿತಿ ಪಡೆಯಲು ವಿದ್ಯಾರ್ಥಿಗಳು ಹೆಚ್ಚಿನ ಗಮನಹರಿಸಬೇಕು ಮತ್ತು ಸಂಶೋಧನೆ ಮುಂದಾಗಬೇಕು. ಇದು ಅಲ್ಲದೆ ಇದು ಹೊಸ - ಹೊಸ ಔಷಧ ಅನ್ವೇಷಣ (ಎಡಿಎಂ)
ಸಕ್ರಿಯತೆಯವರೆಗಿನ ಪ್ರಮಾಣವನ್ನು ಒಳಗೊಂಡಿದೆ. ಕಂಪ್ಯೂಟರ್ ನೆರವಿನ ಔಷಧ ವಿನ್ಯಾಸದ ಕುರಿತು ಮಾಹಿತಿ ನೀಡಿದರು. ಕಾರ್ಯಾಗಾರದ ಅಧ್ಯಕ್ಷತೆ ವಹಿಸಿದ್ದ ಪ್ರಾಂಶುಪಾಲರು ಮಾತನಾಡಿ ವಿದ್ಯಾರ್ಥಿಗಳು ಹೊಸ ತಂತ್ರಜ್ಞಾನಗಳನ್ನು ಅರಿಯಬೇಕು ಎಂದರು. ಈ ಕಾರ್ಯಾಗಾರದಲ್ಲಿ ಸುಮಾರು 23 ಕ್ಕೂ ಹೆಚ್ಚು ಅಧ್ಯಾಪಕ ವರ್ಗದವರು ಮತ್ತು ಸುಮಾರು 200 ಕ್ಕೂ ಹೆಚ್ಚು ವಿದ್ಯಾರ್ಥಿಗಳು ಪ್ರಯೋಜನ
ಪಡೆದುಕೊಂಡರು. ವರದರಾಜ ಔಷಧೀಯ ಶಿಕ್ಷಣ ಮತ್ತು ಸಂಶೋಧನಾ ಸಂಸ್ಥೆಯೂ ಬದ್ಧತೆಯನ್ನು ಪ್ರತಿನಿಧಿಸುತ್ತದೆ. ಇದೇ ಸಂದರ್ಭದಲ್ಲಿ ಬೆಂಗಳೂರಿನ ಆಕ್ಸ್‌ಫರ್ಡ್ ಫಾರ್ಮಸಿ ಕಾಲೇಜಿನ ಔಷಧ ರಸಾಯನಶಾಸ್ತ್ರ ವಿಭಾಗದ ಪ್ರಾಧ್ಯಾಪಕರು ಮತ್ತು ಮುಖ್ಯಸ್ಥರಾದ ಡಾ.ಎ.ಆರ್. ಮಹೇಶ್‌ರವರಿಗೆ ವರದರಾಜ ಔಷಧೀಯ ಶಿಕ್ಷಣ ಮತ್ತು ಸಂಶೋಧನಾ ಸಂಸ್ಥೆಯ ವತಿಯಿಂದ ಸನ್ಮಾನಿಸಿ ಗೌರವಿಸಲಾಯಿತು. ಈ ಕಾರ್ಯಾಗಾರದಲ್ಲಿ ವರದರಾಜ ಚಾರಿಟಬಲ್ ಟ್ರಸ್ಟ್ ಅಧ್ಯಕ್ಷರಾದ ಡಾ.ಮುರಳೀಧರ್ ಮತ್ತು ವರದರಾಜ ಔಷಧೀಯ ಶಿಕ್ಷಣ ಸಂಸ್ಥೆಯ ನಿರ್ದೇಶಕರಾದ ಡಾ.ಮಹೇಶ್, ಪ್ರಾಂಶುಪಾಲರು, ಶೈಕ್ಷಣಿಕ ಸಂಯೋಜಕರು ಹಾಗೂ ಕೋ-ಆರ್ಡಿನೇಟರ್ ಕಾಲೇಜು ವಿಭಾಗದ ಪ್ರಾಧ್ಯಾಪಕರು ಪಿ.ಎಸ್. ವಸಂತ, ಸಿಬ್ಬಂದಿ ಮತ್ತು ವಿದ್ಯಾರ್ಥಿ-ವಿದ್ಯಾರ್ಥಿನಿಯರು ಬೋಧಕ ಬೋಧಕೇತರ ಸಿಬ್ಬಂದಿ ಇದ್ದರು.
